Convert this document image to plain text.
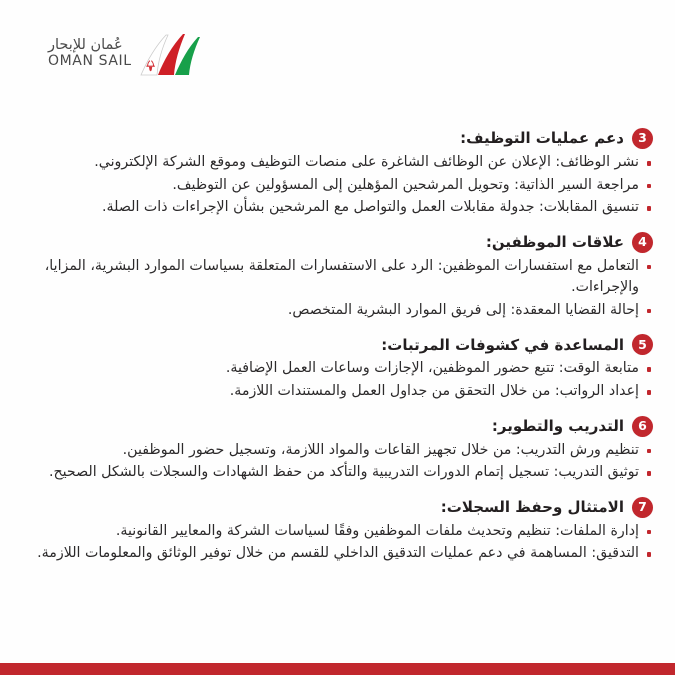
عُمان للإبحار
OMAN SAIL
3
دعم عمليات التوظيف:
نشر الوظائف: الإعلان عن الوظائف الشاغرة على منصات التوظيف وموقع الشركة الإلكتروني.
مراجعة السير الذاتية: وتحويل المرشحين المؤهلين إلى المسؤولين عن التوظيف.
تنسيق المقابلات: جدولة مقابلات العمل والتواصل مع المرشحين بشأن الإجراءات ذات الصلة.
4
علاقات الموظفين:
التعامل مع استفسارات الموظفين: الرد على الاستفسارات المتعلقة بسياسات الموارد البشرية، المزايا، والإجراءات.
إحالة القضايا المعقدة: إلى فريق الموارد البشرية المتخصص.
5
المساعدة في كشوفات المرتبات:
متابعة الوقت: تتبع حضور الموظفين، الإجازات وساعات العمل الإضافية.
إعداد الرواتب: من خلال التحقق من جداول العمل والمستندات اللازمة.
6
التدريب والتطوير:
تنظيم ورش التدريب: من خلال تجهيز القاعات والمواد اللازمة، وتسجيل حضور الموظفين.
توثيق التدريب: تسجيل إتمام الدورات التدريبية والتأكد من حفظ الشهادات والسجلات بالشكل الصحيح.
7
الامتثال وحفظ السجلات:
إدارة الملفات: تنظيم وتحديث ملفات الموظفين وفقًا لسياسات الشركة والمعايير القانونية.
التدقيق: المساهمة في دعم عمليات التدقيق الداخلي للقسم من خلال توفير الوثائق والمعلومات اللازمة.
